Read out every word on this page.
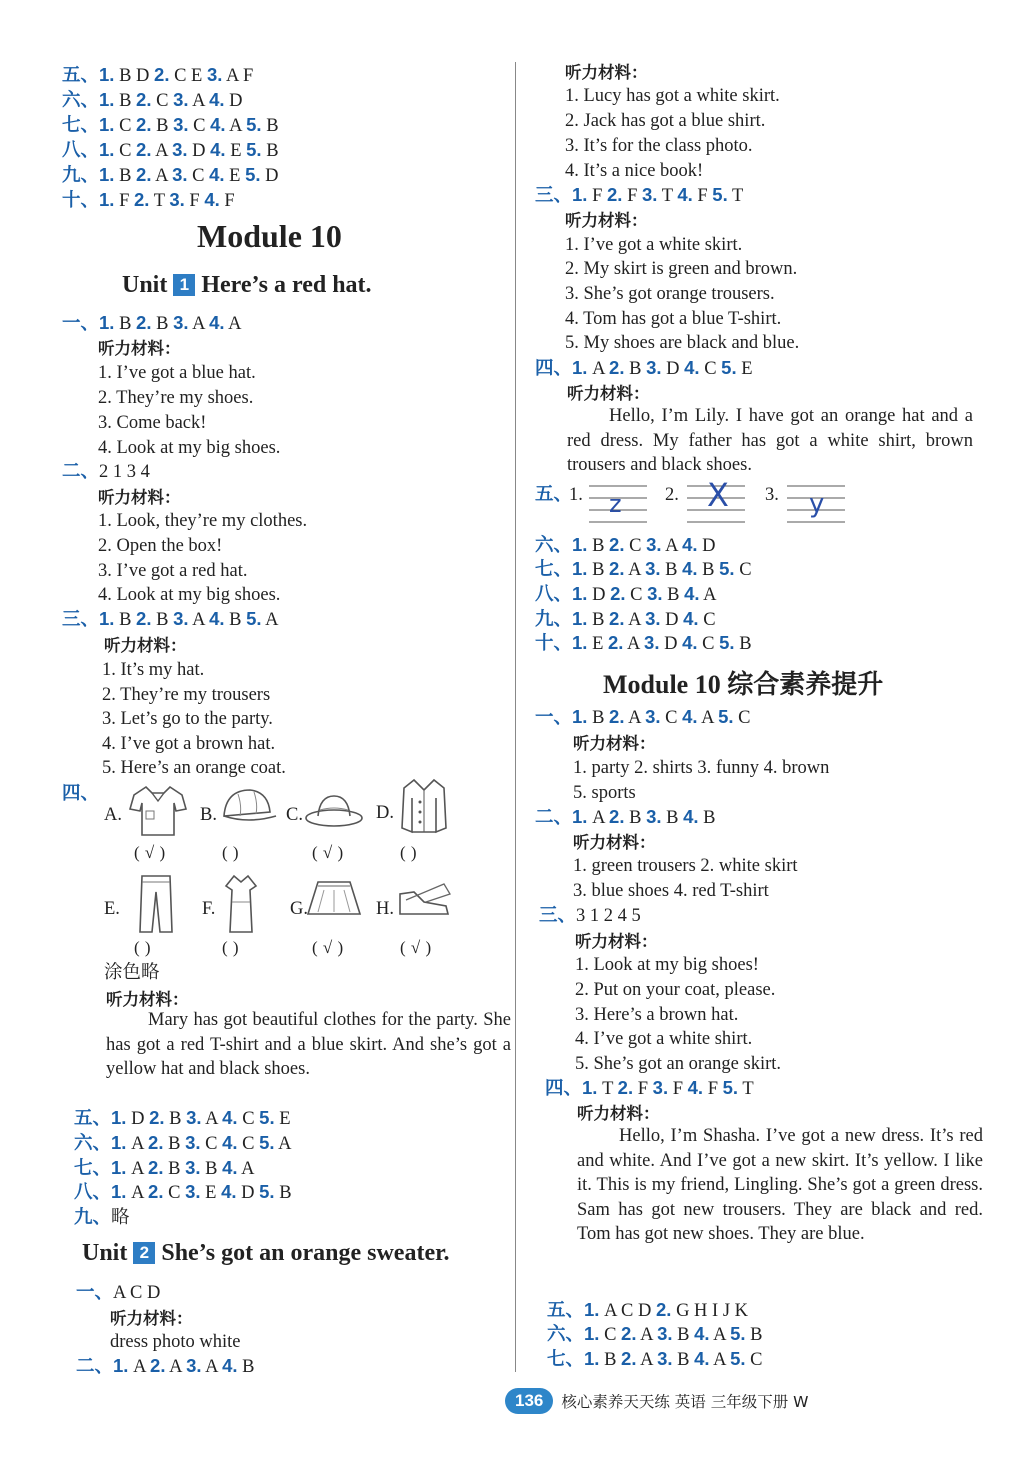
五、1. B D 2. C E 3. A F
六、1. B 2. C 3. A 4. D
七、1. C 2. B 3. C 4. A 5. B
八、1. C 2. A 3. D 4. E 5. B
九、1. B 2. A 3. C 4. E 5. D
十、1. F 2. T 3. F 4. F
Module 10
Unit 1 Here’s a red hat.
一、1. B 2. B 3. A 4. A
听力材料：
1. I’ve got a blue hat.
2. They’re my shoes.
3. Come back!
4. Look at my big shoes.
二、2 1 3 4
听力材料：
1. Look, they’re my clothes.
2. Open the box!
3. I’ve got a red hat.
4. Look at my big shoes.
三、1. B 2. B 3. A 4. B 5. A
听力材料：
1. It’s my hat.
2. They’re my trousers
3. Let’s go to the party.
4. I’ve got a brown hat.
5. Here’s an orange coat.
四、
A.	B.	C.	D.
( √ )	( )	( √ )	( )
E.	F.	G.	H.
( )	( )	( √ )	( √ )
涂色略
听力材料：
Mary has got beautiful clothes for the party. She has got a red T-shirt and a blue skirt. And she’s got a yellow hat and black shoes.
五、1. D 2. B 3. A 4. C 5. E
六、1. A 2. B 3. C 4. C 5. A
七、1. A 2. B 3. B 4. A
八、1. A 2. C 3. E 4. D 5. B
九、略
Unit 2 She’s got an orange sweater.
一、A C D
听力材料：
dress photo white
二、1. A 2. A 3. A 4. B
听力材料：
1. Lucy has got a white skirt.
2. Jack has got a blue shirt.
3. It’s for the class photo.
4. It’s a nice book!
三、1. F 2. F 3. T 4. F 5. T
听力材料：
1. I’ve got a white skirt.
2. My skirt is green and brown.
3. She’s got orange trousers.
4. Tom has got a blue T-shirt.
5. My shoes are black and blue.
四、1. A 2. B 3. D 4. C 5. E
听力材料：
Hello, I’m Lily. I have got an orange hat and a red dress. My father has got a white shirt, brown trousers and black shoes.
五、
1.	2.	3.
z	X	y
六、1. B 2. C 3. A 4. D
七、1. B 2. A 3. B 4. B 5. C
八、1. D 2. C 3. B 4. A
九、1. B 2. A 3. D 4. C
十、1. E 2. A 3. D 4. C 5. B
Module 10 综合素养提升
一、1. B 2. A 3. C 4. A 5. C
听力材料：
1. party 2. shirts 3. funny 4. brown
5. sports
二、1. A 2. B 3. B 4. B
听力材料：
1. green trousers 2. white skirt
3. blue shoes 4. red T-shirt
三、3 1 2 4 5
听力材料：
1. Look at my big shoes!
2. Put on your coat, please.
3. Here’s a brown hat.
4. I’ve got a white shirt.
5. She’s got an orange skirt.
四、1. T 2. F 3. F 4. F 5. T
听力材料：
Hello, I’m Shasha. I’ve got a new dress. It’s red and white. And I’ve got a new skirt. It’s yellow. I like it. This is my friend, Lingling. She’s got a green dress. Sam has got new trousers. They are black and red. Tom has got new shoes. They are blue.
五、1. A C D 2. G H I J K
六、1. C 2. A 3. B 4. A 5. B
七、1. B 2. A 3. B 4. A 5. C
136 核心素养天天练 英语 三年级下册 W
